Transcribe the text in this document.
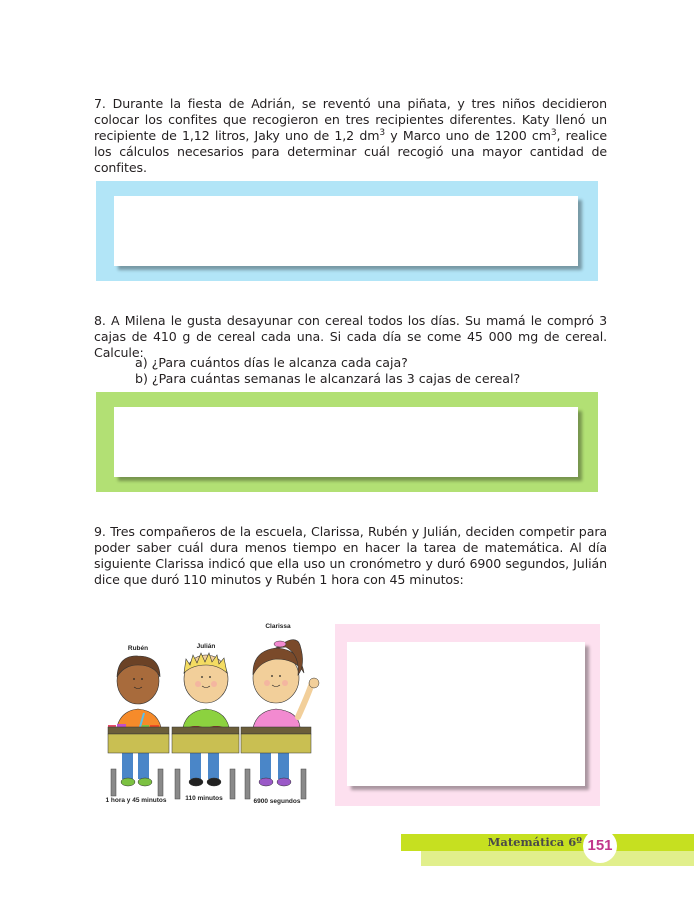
7. Durante la fiesta de Adrián, se reventó una piñata, y tres niños decidieron colocar los confites que recogieron en tres recipientes diferentes. Katy llenó un recipiente de 1,12 litros, Jaky uno de 1,2 $dm^3$ y Marco uno de 1200 $cm^3$, realice los cálculos necesarios para determinar cuál recogió una mayor cantidad de confites.
8. A Milena le gusta desayunar con cereal todos los días. Su mamá le compró 3 cajas de 410 g de cereal cada una. Si cada día se come 45 000 mg de cereal. Calcule:
a) ¿Para cuántos días le alcanza cada caja?
b) ¿Para cuántas semanas le alcanzará las 3 cajas de cereal?
9. Tres compañeros de la escuela, Clarissa, Rubén y Julián, deciden competir para poder saber cuál dura menos tiempo en hacer la tarea de matemática. Al día siguiente Clarissa indicó que ella uso un cronómetro y duró 6900 segundos, Julián dice que duró 110 minutos y Rubén 1 hora con 45 minutos:
Rubén	Julián
Clarissa
1 hora y 45 minutos	110 minutos	6900 segundos
Matemática 6º 151
